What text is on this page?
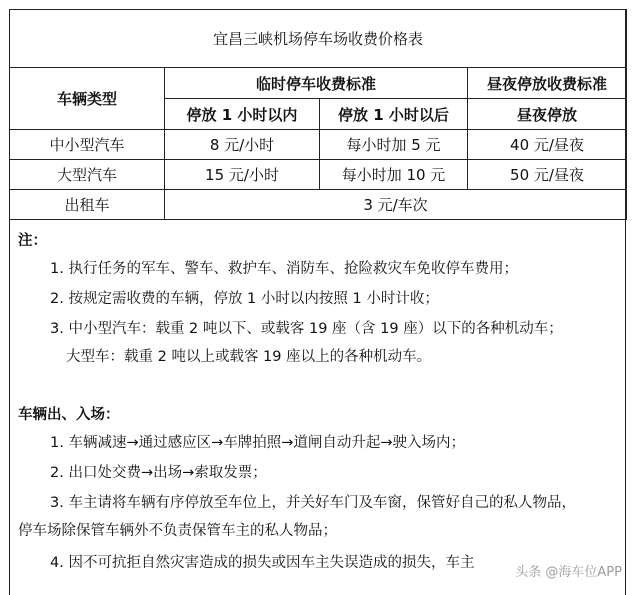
宜昌三峡机场停车场收费价格表			
车辆类型	临时停车收费标准		昼夜停放收费标准
	停放 1 小时以内	停放 1 小时以后	昼夜停放
中小型汽车	8 元/小时	每小时加 5 元	40 元/昼夜
大型汽车	15 元/小时	每小时加 10 元	50 元/昼夜
出租车	3 元/车次		
注：
1. 执行任务的军车、警车、救护车、消防车、抢险救灾车免收停车费用；
2. 按规定需收费的车辆，停放 1 小时以内按照 1 小时计收；
3. 中小型汽车：载重 2 吨以下、或载客 19 座（含 19 座）以下的各种机动车；
大型车：载重 2 吨以上或载客 19 座以上的各种机动车。
车辆出、入场：
1. 车辆减速→通过感应区→车牌拍照→道闸自动升起→驶入场内；
2. 出口处交费→出场→索取发票；
3. 车主请将车辆有序停放至车位上，并关好车门及车窗，保管好自己的私人物品，
停车场除保管车辆外不负责保管车主的私人物品；
4. 因不可抗拒自然灾害造成的损失或因车主失误造成的损失，车主
头条 @海车位APP
